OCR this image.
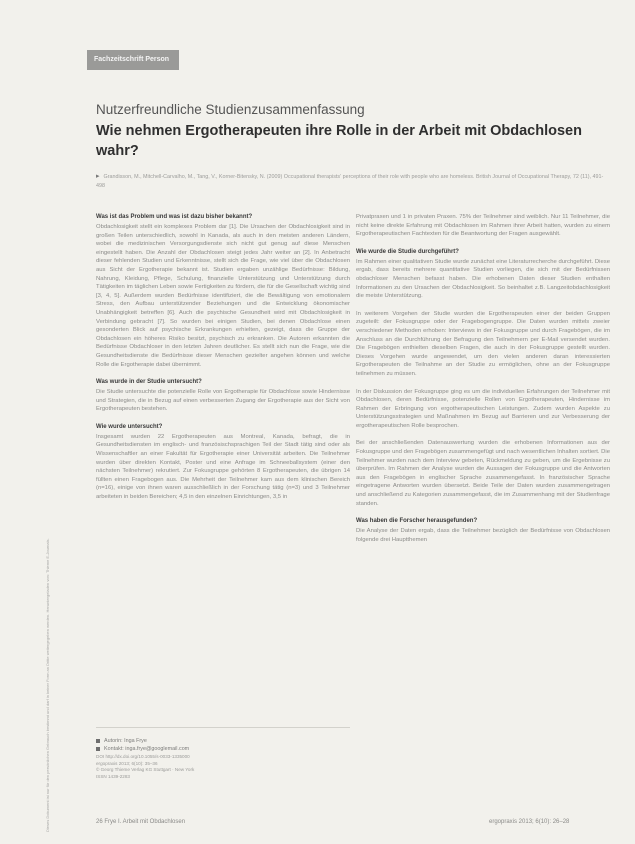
Fachzeitschrift Person
Dieses Dokument ist nur für den persönlichen Gebrauch bestimmt und darf in keiner Form an Dritte weitergegeben werden. Heruntergeladen von: Thieme E-Journals.
Nutzerfreundliche Studienzusammenfassung
Wie nehmen Ergotherapeuten ihre Rolle in der Arbeit mit Obdachlosen wahr?
▸ Grandisson, M., Mitchell-Carvalho, M., Tang, V., Korner-Bitensky, N. (2009) Occupational therapists’ perceptions of their role with people who are homeless. British Journal of Occupational Therapy, 72 (11), 491-498
Was ist das Problem und was ist dazu bisher bekannt?

Obdachlosigkeit stellt ein komplexes Problem dar [1]. Die Ursachen der Obdachlosigkeit sind in großen Teilen unterschiedlich, sowohl in Kanada, als auch in den meisten anderen Ländern, wobei die medizinischen Versorgungsdienste sich nicht gut genug auf diese Menschen eingestellt haben. Die Anzahl der Obdachlosen steigt jedes Jahr weiter an [2]. In Anbetracht dieser fehlenden Studien und Erkenntnisse, stellt sich die Frage, wie viel über die Obdachlosen aus Sicht der Ergotherapie bekannt ist. Studien ergaben unzählige Bedürfnisse: Bildung, Nahrung, Kleidung, Pflege, Schulung, finanzielle Unterstützung und Unterstützung durch Tätigkeiten im täglichen Leben sowie Fertigkeiten zu fördern, die für die Gesellschaft wichtig sind [3, 4, 5]. Außerdem wurden Bedürfnisse identifiziert, die die Bewältigung von emotionalem Stress, den Aufbau unterstützender Beziehungen und die Entwicklung ökonomischer Unabhängigkeit betreffen [6]. Auch die psychische Gesundheit wird mit Obdachlosigkeit in Verbindung gebracht [7]. So wurden bei einigen Studien, bei denen Obdachlose einen gesonderten Blick auf psychische Erkrankungen erhielten, gezeigt, dass die Gruppe der Obdachlosen ein höheres Risiko besitzt, psychisch zu erkranken. Die Autoren erkannten die Bedürfnisse Obdachloser in den letzten Jahren deutlicher. Es stellt sich nun die Frage, wie die Gesundheitsdienste die Bedürfnisse dieser Menschen gezielter angehen können und welche Rolle die Ergotherapie dabei übernimmt.

Was wurde in der Studie untersucht?

Die Studie untersuchte die potenzielle Rolle von Ergotherapie für Obdachlose sowie Hindernisse und Strategien, die in Bezug auf einen verbesserten Zugang der Ergotherapie aus der Sicht von Ergotherapeuten bestehen.

Wie wurde untersucht?

Insgesamt wurden 22 Ergotherapeuten aus Montreal, Kanada, befragt, die in Gesundheitsdiensten im englisch- und französischsprachigen Teil der Stadt tätig sind oder als Wissenschaftler an einer Fakultät für Ergotherapie einer Universität arbeiten. Die Teilnehmer wurden über direkten Kontakt, Poster und eine Anfrage im Schneeballsystem (einer den nächsten Teilnehmer) rekrutiert. Zur Fokusgruppe gehörten 8 Ergotherapeuten, die übrigen 14 füllten einen Fragebogen aus. Die Mehrheit der Teilnehmer kam aus dem klinischen Bereich (n=16), einige von ihnen waren ausschließlich in der Forschung tätig (n=3) und 3 Teilnehmer arbeiteten in beiden Bereichen; 4,5 in den einzelnen Einrichtungen, 3,5 in

Privatpraxen und 1 in privaten Praxen. 75% der Teilnehmer sind weiblich. Nur 11 Teilnehmer, die nicht keine direkte Erfahrung mit Obdachlosen im Rahmen ihrer Arbeit hatten, wurden zu einem Ergotherapeutischen Fachtexten für die Beantwortung der Fragen ausgewählt.

Wie wurde die Studie durchgeführt?

Im Rahmen einer qualitativen Studie wurde zunächst eine Literaturrecherche durchgeführt. Diese ergab, dass bereits mehrere quantitative Studien vorliegen, die sich mit der Bedürfnissen obdachloser Menschen befasst haben. Die erhobenen Daten dieser Studien enthalten Informationen zu den Ursachen der Obdachlosigkeit. So beinhaltet z.B. Langzeitobdachlosigkeit die meiste Unterstützung.

In weiterem Vorgehen der Studie wurden die Ergotherapeuten einer der beiden Gruppen zugeteilt: der Fokusgruppe oder der Fragebogengruppe. Die Daten wurden mittels zweier verschiedener Methoden erhoben: Interviews in der Fokusgruppe und durch Fragebögen, die im Anschluss an die Durchführung der Befragung den Teilnehmern per E-Mail versendet wurden. Die Fragebögen enthielten dieselben Fragen, die auch in der Fokusgruppe gestellt wurden. Dieses Vorgehen wurde angewendet, um den vielen anderen daran interessierten Ergotherapeuten die Teilnahme an der Studie zu ermöglichen, ohne an der Fokusgruppe teilnehmen zu müssen.

In der Diskussion der Fokusgruppe ging es um die individuellen Erfahrungen der Teilnehmer mit Obdachlosen, deren Bedürfnisse, potenzielle Rollen von Ergotherapeuten, Hindernisse im Rahmen der Erbringung von ergotherapeutischen Leistungen. Zudem wurden Aspekte zu Unterstützungsstrategien und Maßnahmen im Bezug auf Barrieren und zur Verbesserung der ergotherapeutischen Rolle besprochen.

Bei der anschließenden Datenauswertung wurden die erhobenen Informationen aus der Fokusgruppe und den Fragebögen zusammengefügt und nach wesentlichen Inhalten sortiert. Die Teilnehmer wurden nach dem Interview gebeten, Rückmeldung zu geben, um die Ergebnisse zu überprüfen. Im Rahmen der Analyse wurden die Aussagen der Fokusgruppe und die Antworten aus den Fragebögen in englischer Sprache zusammengefasst. In französischer Sprache eingetragene Antworten wurden übersetzt. Beide Teile der Daten wurden zusammengetragen und anschließend zu Kategorien zusammengefasst, die im Zusammenhang mit der Studienfrage standen.

Was haben die Forscher herausgefunden?

Die Analyse der Daten ergab, dass die Teilnehmer bezüglich der Bedürfnisse von Obdachlosen folgende drei Hauptthemen

Autorin: Inga Frye
Kontakt: inga.frye@googlemail.com
DOI http://dx.doi.org/10.1055/s-0033-1335000
ergopraxis 2013; 6(10): 35–36
© Georg Thieme Verlag KG Stuttgart · New York
ISSN 1439-2283
26 Frye I. Arbeit mit Obdachlosen	ergopraxis 2013; 6(10): 26–28
